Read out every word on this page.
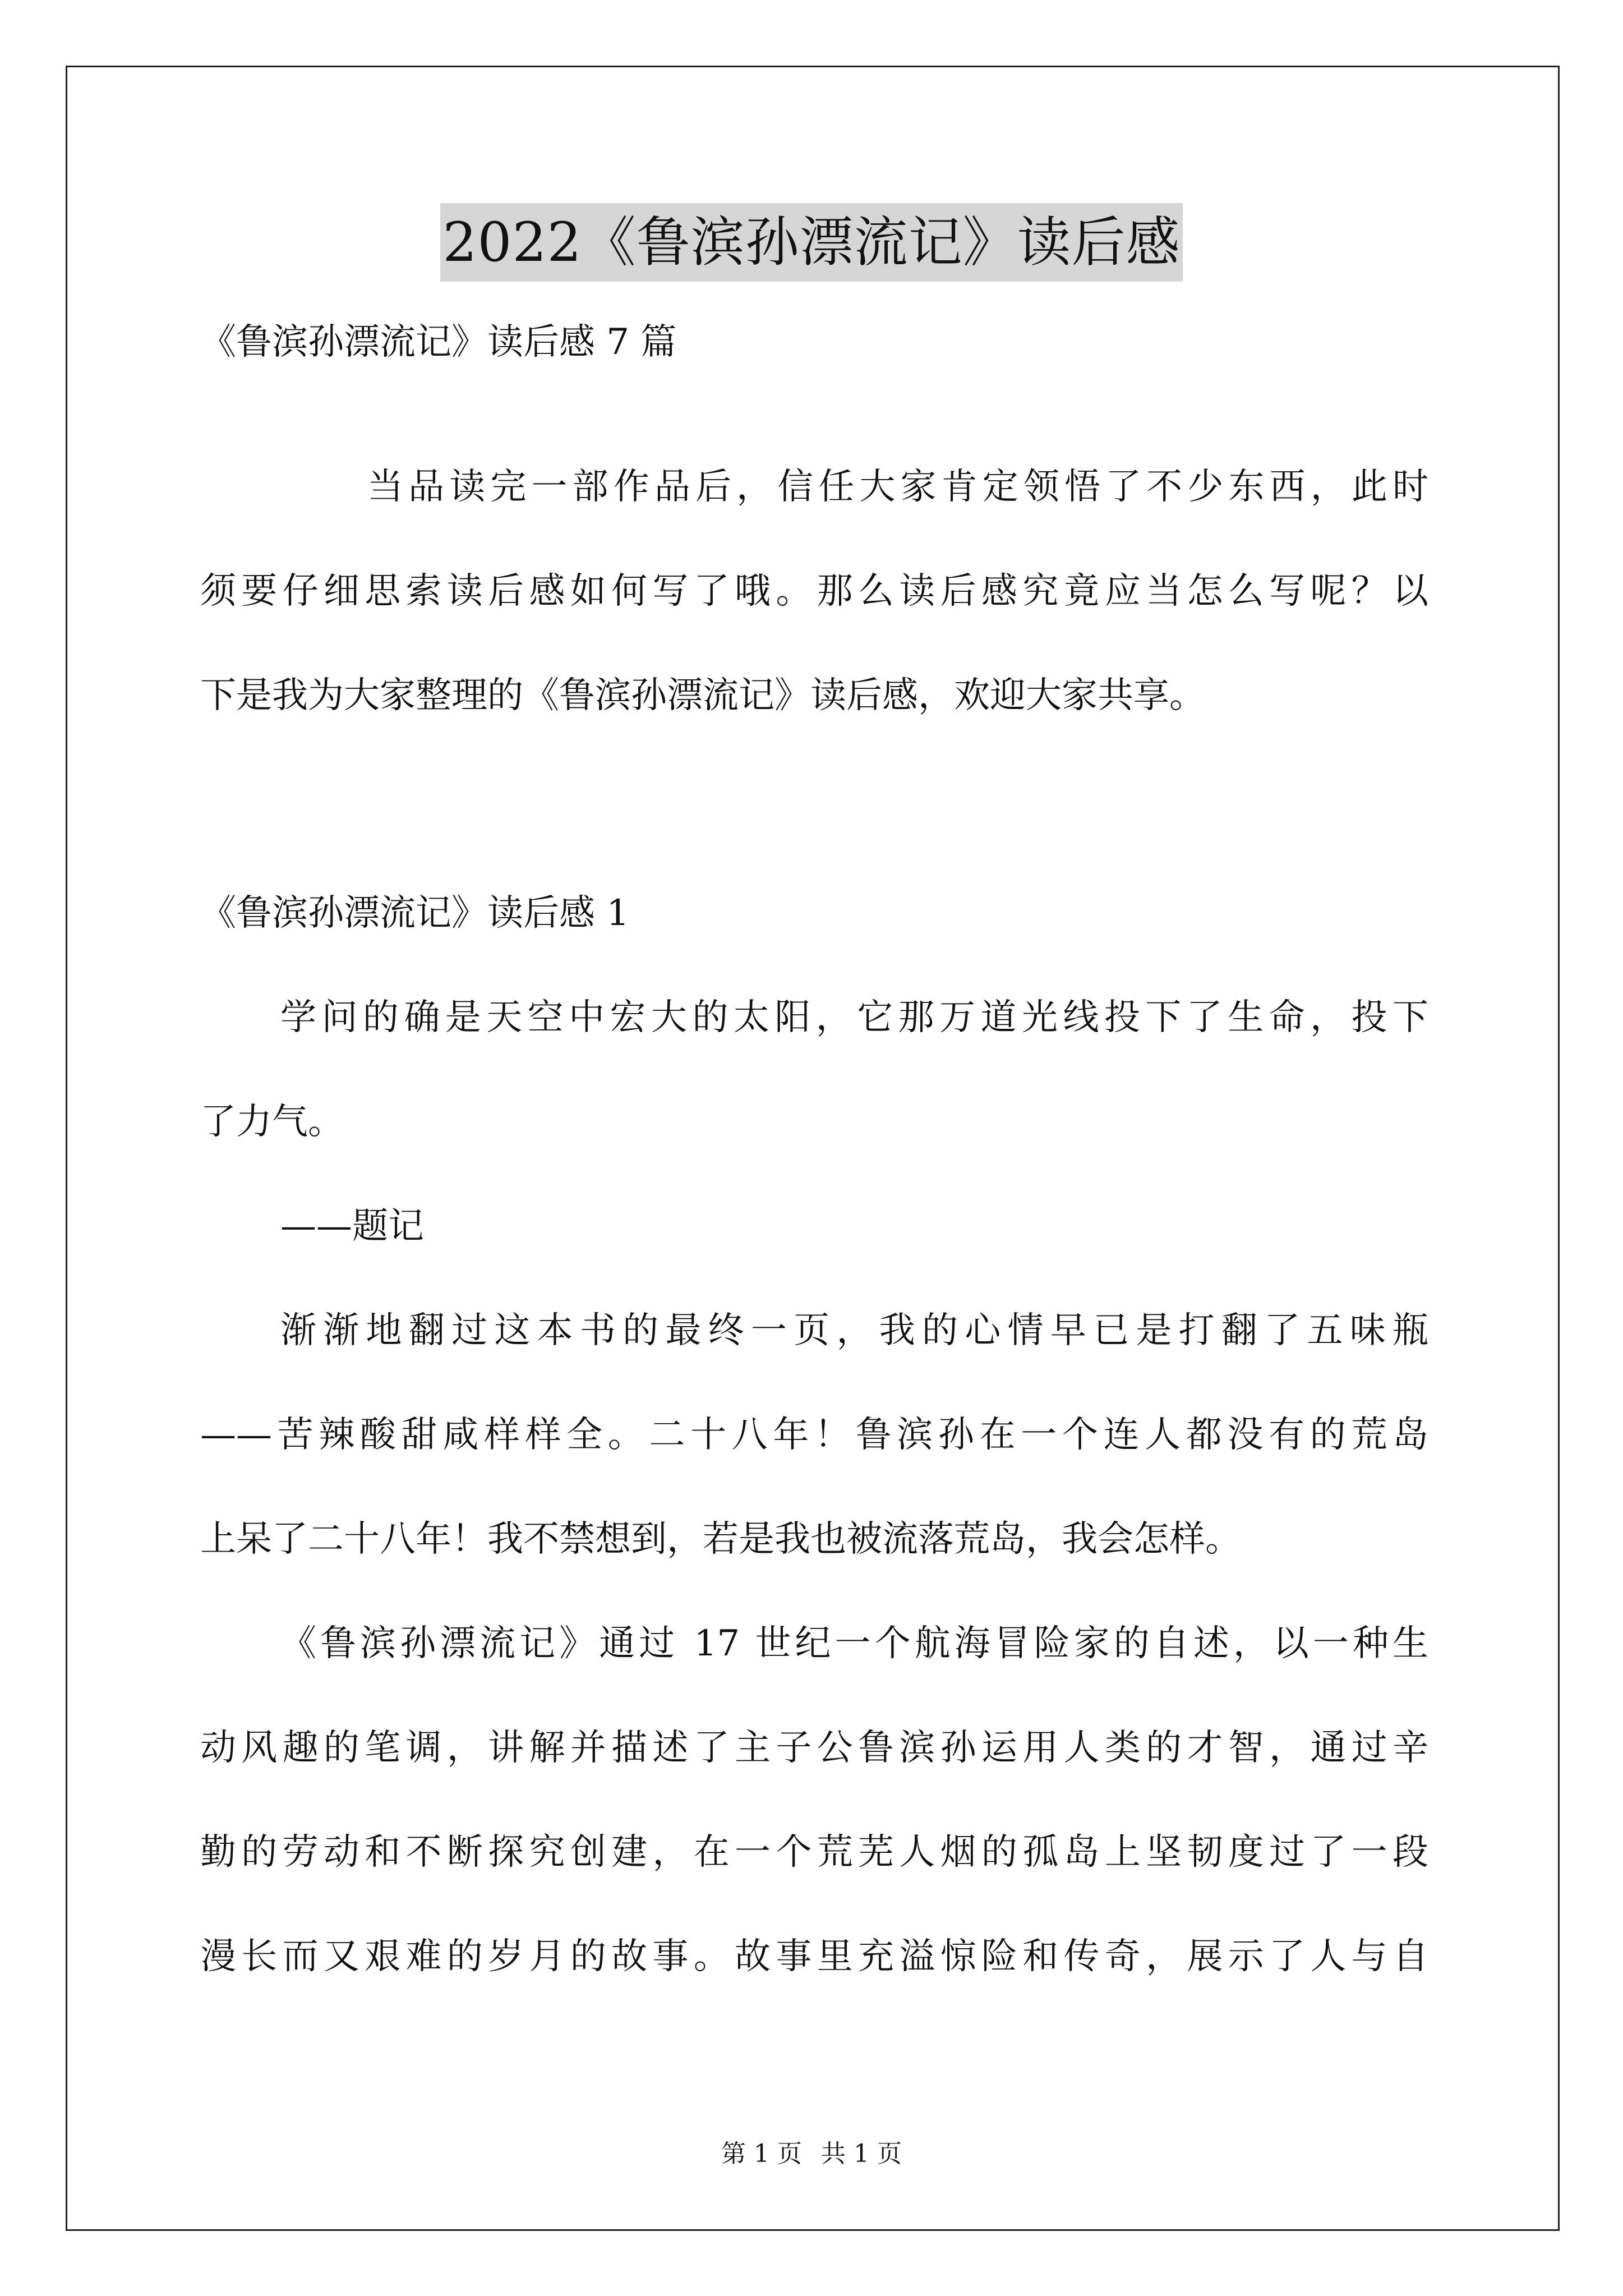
2022《鲁滨孙漂流记》读后感
《鲁滨孙漂流记》读后感 7 篇
当品读完一部作品后，信任大家肯定领悟了不少东西，此时
须要仔细思索读后感如何写了哦。那么读后感究竟应当怎么写呢？以
下是我为大家整理的《鲁滨孙漂流记》读后感，欢迎大家共享。
《鲁滨孙漂流记》读后感 1
学问的确是天空中宏大的太阳，它那万道光线投下了生命，投下
了力气。
——题记
渐渐地翻过这本书的最终一页，我的心情早已是打翻了五味瓶
——苦辣酸甜咸样样全。二十八年！鲁滨孙在一个连人都没有的荒岛
上呆了二十八年！我不禁想到，若是我也被流落荒岛，我会怎样。
《鲁滨孙漂流记》通过 17 世纪一个航海冒险家的自述，以一种生
动风趣的笔调，讲解并描述了主子公鲁滨孙运用人类的才智，通过辛
勤的劳动和不断探究创建，在一个荒芜人烟的孤岛上坚韧度过了一段
漫长而又艰难的岁月的故事。故事里充溢惊险和传奇，展示了人与自
第 1 页 共 1 页
